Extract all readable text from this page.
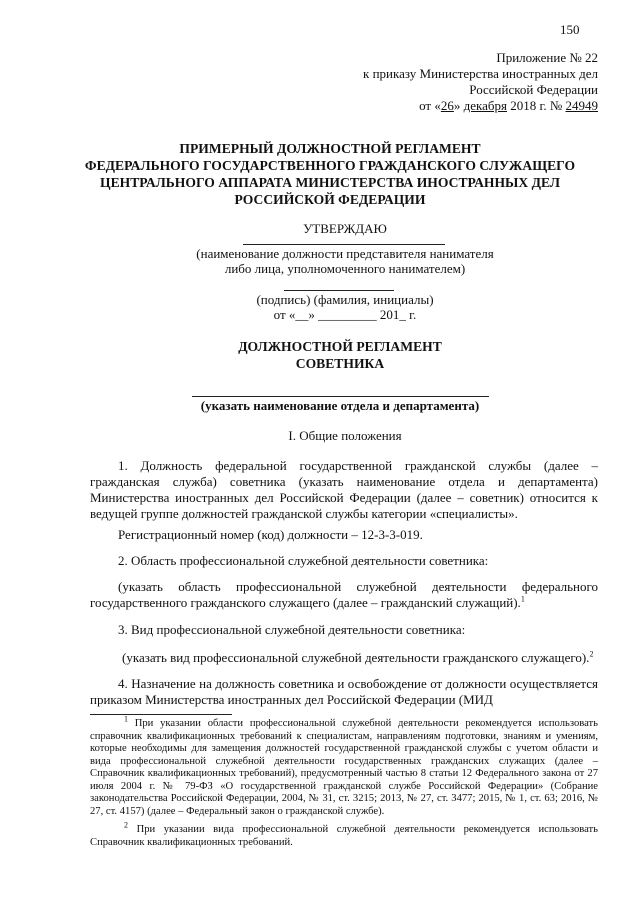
150
Приложение № 22
к приказу Министерства иностранных дел
Российской Федерации
от «26» декабря 2018 г. № 24949
ПРИМЕРНЫЙ ДОЛЖНОСТНОЙ РЕГЛАМЕНТ
ФЕДЕРАЛЬНОГО ГОСУДАРСТВЕННОГО ГРАЖДАНСКОГО СЛУЖАЩЕГО
ЦЕНТРАЛЬНОГО АППАРАТА МИНИСТЕРСТВА ИНОСТРАННЫХ ДЕЛ
РОССИЙСКОЙ ФЕДЕРАЦИИ
УТВЕРЖДАЮ
(наименование должности представителя нанимателя
либо лица, уполномоченного нанимателем)
(подпись) (фамилия, инициалы)
от «__» _________ 201_ г.
ДОЛЖНОСТНОЙ РЕГЛАМЕНТ
СОВЕТНИКА
(указать наименование отдела и департамента)
I. Общие положения
1. Должность федеральной государственной гражданской службы (далее – гражданская служба) советника (указать наименование отдела и департамента) Министерства иностранных дел Российской Федерации (далее – советник) относится к ведущей группе должностей гражданской службы категории «специалисты».
Регистрационный номер (код) должности – 12-3-3-019.
2. Область профессиональной служебной деятельности советника:
(указать область профессиональной служебной деятельности федерального государственного гражданского служащего (далее – гражданский служащий).$^1$
3. Вид профессиональной служебной деятельности советника:
(указать вид профессиональной служебной деятельности гражданского служащего).$^2$
4. Назначение на должность советника и освобождение от должности осуществляется приказом Министерства иностранных дел Российской Федерации (МИД
$^1$ При указании области профессиональной служебной деятельности рекомендуется использовать справочник квалификационных требований к специалистам, направлениям подготовки, знаниям и умениям, которые необходимы для замещения должностей государственной гражданской службы с учетом области и вида профессиональной служебной деятельности государственных гражданских служащих (далее – Справочник квалификационных требований), предусмотренный частью 8 статьи 12 Федерального закона от 27 июля 2004 г. № 79-ФЗ «О государственной гражданской службе Российской Федерации» (Собрание законодательства Российской Федерации, 2004, № 31, ст. 3215; 2013, № 27, ст. 3477; 2015, № 1, ст. 63; 2016, № 27, ст. 4157) (далее – Федеральный закон о гражданской службе).
$^2$ При указании вида профессиональной служебной деятельности рекомендуется использовать Справочник квалификационных требований.
